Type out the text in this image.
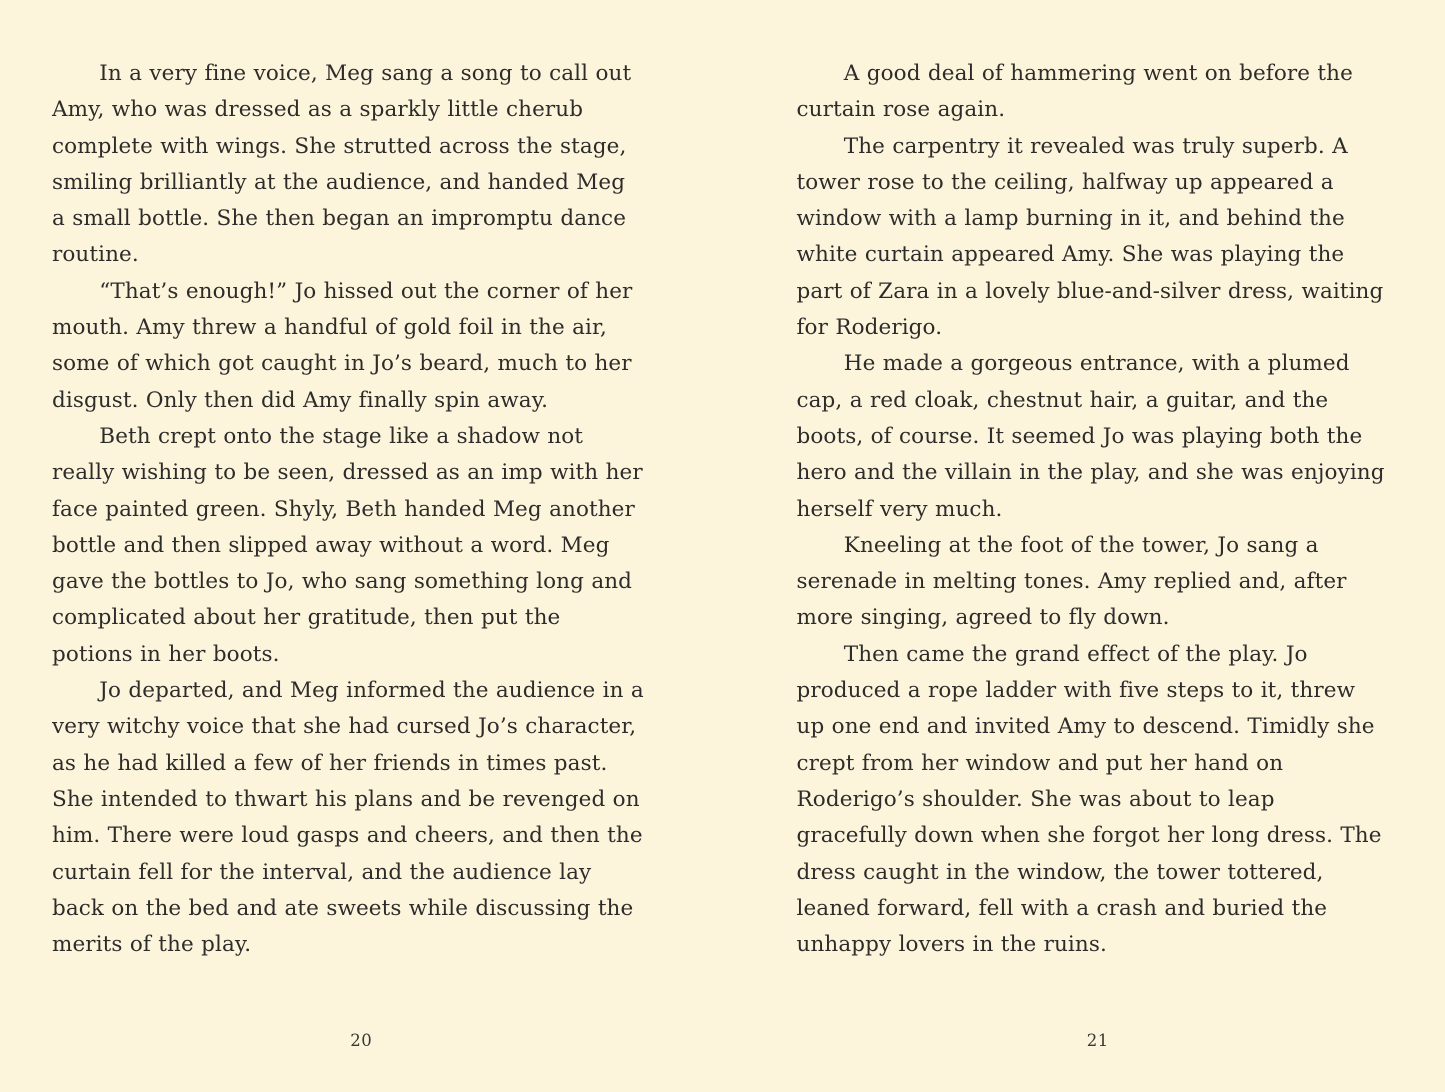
In a very fine voice, Meg sang a song to call out Amy, who was dressed as a sparkly little cherub complete with wings. She strutted across the stage, smiling brilliantly at the audience, and handed Meg a small bottle. She then began an impromptu dance routine.

“That’s enough!” Jo hissed out the corner of her mouth. Amy threw a handful of gold foil in the air, some of which got caught in Jo’s beard, much to her disgust. Only then did Amy finally spin away.

Beth crept onto the stage like a shadow not really wishing to be seen, dressed as an imp with her face painted green. Shyly, Beth handed Meg another bottle and then slipped away without a word. Meg gave the bottles to Jo, who sang something long and complicated about her gratitude, then put the potions in her boots.

Jo departed, and Meg informed the audience in a very witchy voice that she had cursed Jo’s character, as he had killed a few of her friends in times past. She intended to thwart his plans and be revenged on him. There were loud gasps and cheers, and then the curtain fell for the interval, and the audience lay back on the bed and ate sweets while discussing the merits of the play.

20

A good deal of hammering went on before the curtain rose again.

The carpentry it revealed was truly superb. A tower rose to the ceiling, halfway up appeared a window with a lamp burning in it, and behind the white curtain appeared Amy. She was playing the part of Zara in a lovely blue-and-silver dress, waiting for Roderigo.

He made a gorgeous entrance, with a plumed cap, a red cloak, chestnut hair, a guitar, and the boots, of course. It seemed Jo was playing both the hero and the villain in the play, and she was enjoying herself very much.

Kneeling at the foot of the tower, Jo sang a serenade in melting tones. Amy replied and, after more singing, agreed to fly down.

Then came the grand effect of the play. Jo produced a rope ladder with five steps to it, threw up one end and invited Amy to descend. Timidly she crept from her window and put her hand on Roderigo’s shoulder. She was about to leap gracefully down when she forgot her long dress. The dress caught in the window, the tower tottered, leaned forward, fell with a crash and buried the unhappy lovers in the ruins.

21
